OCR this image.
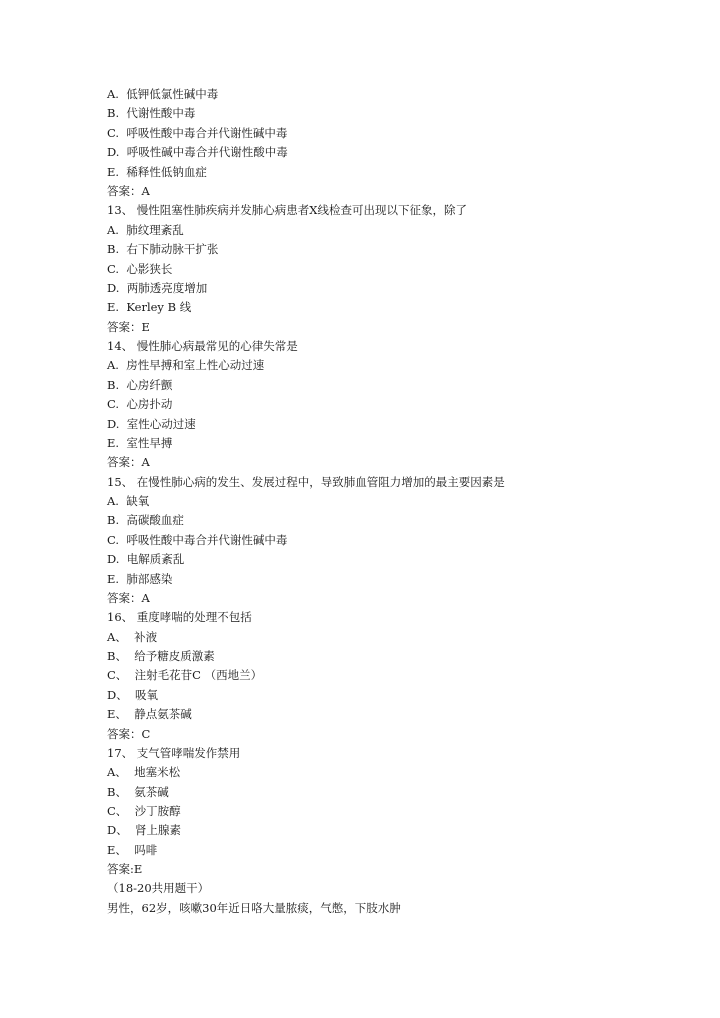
A.  低钾低氯性碱中毒
B.  代谢性酸中毒
C.  呼吸性酸中毒合并代谢性碱中毒
D.  呼吸性碱中毒合并代谢性酸中毒
E.  稀释性低钠血症
答案：A
13、 慢性阻塞性肺疾病并发肺心病患者X线检查可出现以下征象，除了
A.  肺纹理紊乱
B.  右下肺动脉干扩张
C.  心影狭长
D.  两肺透亮度增加
E.  Kerley B 线
答案：E
14、 慢性肺心病最常见的心律失常是
A.  房性早搏和室上性心动过速
B.  心房纤颤
C.  心房扑动
D.  室性心动过速
E.  室性早搏
答案：A
15、 在慢性肺心病的发生、发展过程中，导致肺血管阻力增加的最主要因素是
A.  缺氧
B.  高碳酸血症
C.  呼吸性酸中毒合并代谢性碱中毒
D.  电解质紊乱
E.  肺部感染
答案：A
16、 重度哮喘的处理不包括
A、  补液
B、  给予糖皮质激素
C、  注射毛花苷C （西地兰）
D、  吸氧
E、  静点氨茶碱
答案：C
17、 支气管哮喘发作禁用
A、  地塞米松
B、  氨茶碱
C、  沙丁胺醇
D、  肾上腺素
E、  吗啡
答案:E
（18-20共用题干）
男性，62岁，咳嗽30年近日咯大量脓痰，气憋，下肢水肿
